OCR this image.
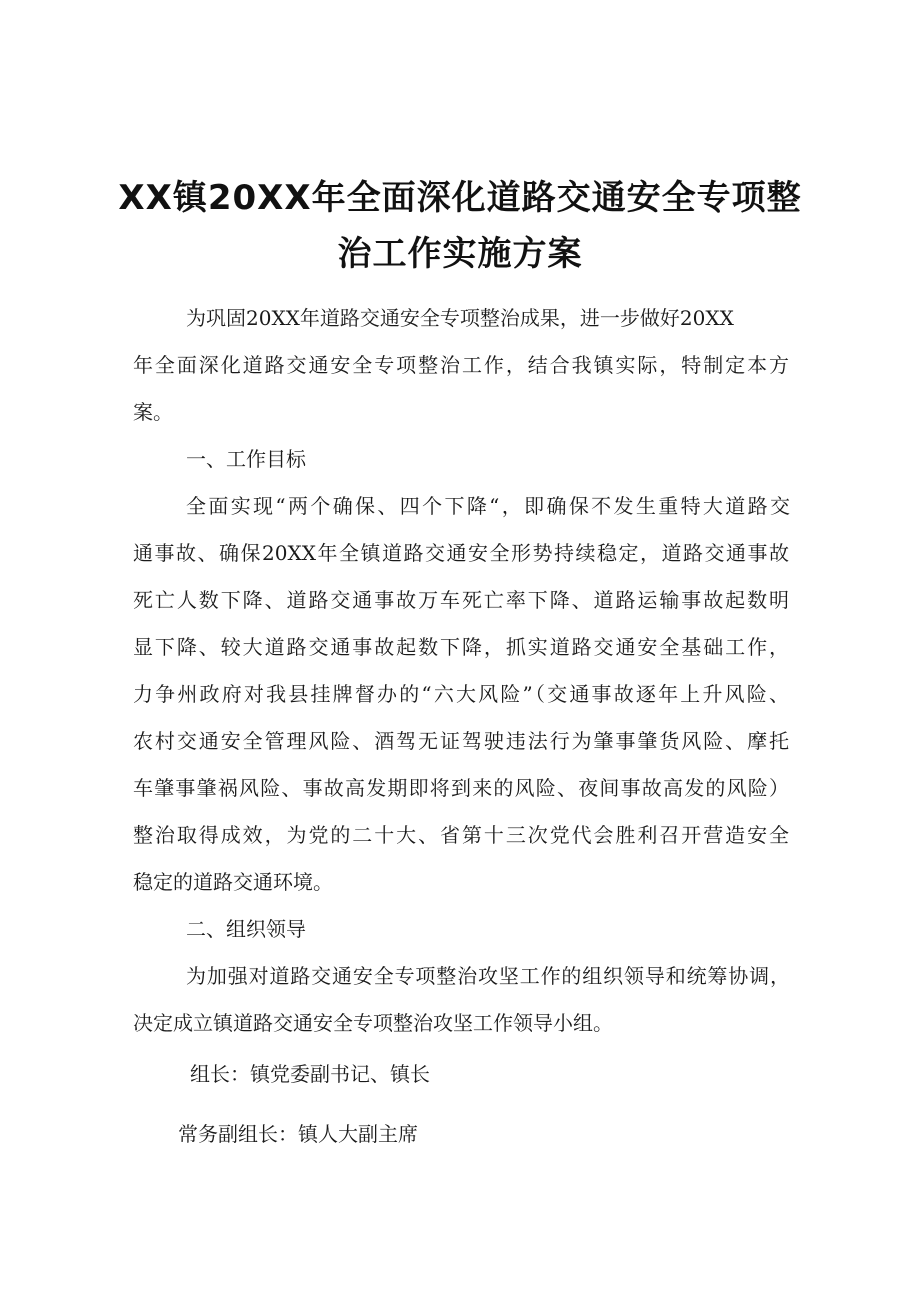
XX镇20XX年全面深化道路交通安全专项整
治工作实施方案
为巩固20XX年道路交通安全专项整治成果，进一步做好20XX
年全面深化道路交通安全专项整治工作，结合我镇实际，特制定本方
案。
一、工作目标
全面实现“两个确保、四个下降“，即确保不发生重特大道路交
通事故、确保20XX年全镇道路交通安全形势持续稳定，道路交通事故
死亡人数下降、道路交通事故万车死亡率下降、道路运输事故起数明
显下降、较大道路交通事故起数下降，抓实道路交通安全基础工作，
力争州政府对我县挂牌督办的“六大风险”（交通事故逐年上升风险、
农村交通安全管理风险、酒驾无证驾驶违法行为肇事肇货风险、摩托
车肇事肇祸风险、事故高发期即将到来的风险、夜间事故高发的风险）
整治取得成效，为党的二十大、省第十三次党代会胜利召开营造安全
稳定的道路交通环境。
二、组织领导
为加强对道路交通安全专项整治攻坚工作的组织领导和统筹协调，
决定成立镇道路交通安全专项整治攻坚工作领导小组。
组长：镇党委副书记、镇长
常务副组长：镇人大副主席
